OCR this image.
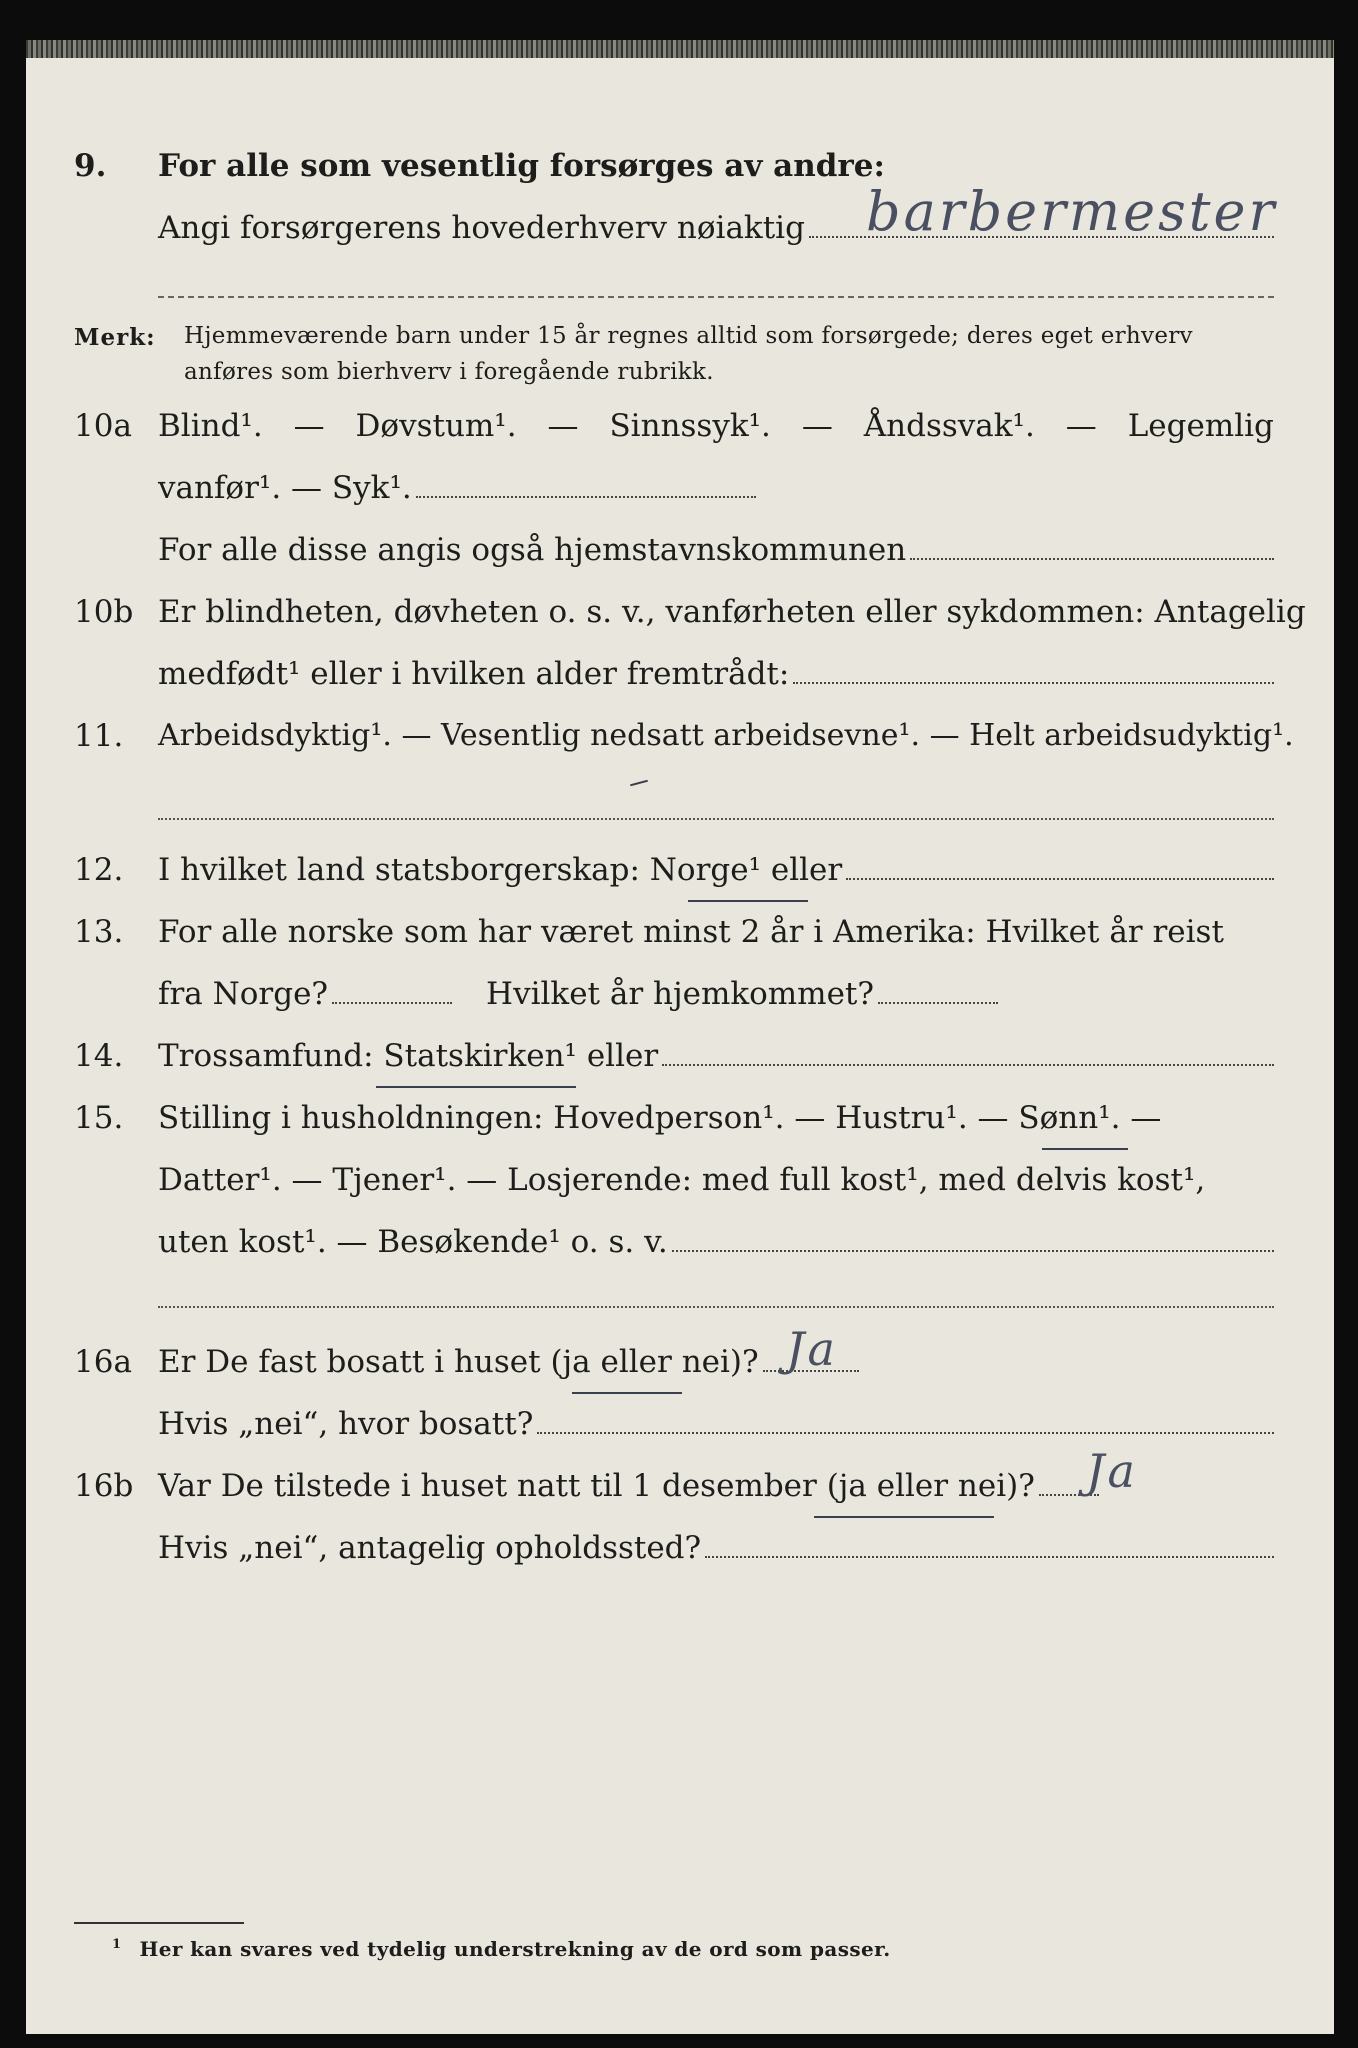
9.	For alle som vesentlig forsørges av andre:
Angi forsørgerens hovederhverv nøiaktig barbermester
Merk: Hjemmeværende barn under 15 år regnes alltid som forsørgede; deres eget erhverv anføres som bierhverv i foregående rubrikk.
10a Blind¹. — Døvstum¹. — Sinnssyk¹. — Åndssvak¹. — Legemlig
vanfør¹. — Syk¹.
For alle disse angis også hjemstavnskommunen
10b Er blindheten, døvheten o. s. v., vanførheten eller sykdommen: Antagelig
medfødt¹ eller i hvilken alder fremtrådt:
11.	Arbeidsdyktig¹. — Vesentlig nedsatt arbeidsevne¹. — Helt arbeidsudyktig¹.
12.	I hvilket land statsborgerskap: Norge¹ eller
13.	For alle norske som har været minst 2 år i Amerika: Hvilket år reist
fra Norge?	Hvilket år hjemkommet?
14.	Trossamfund: Statskirken¹ eller
15.	Stilling i husholdningen: Hovedperson¹. — Hustru¹. — Sønn¹. —
Datter¹. — Tjener¹. — Losjerende: med full kost¹, med delvis kost¹,
uten kost¹. — Besøkende¹ o. s. v.
16a Er De fast bosatt i huset (ja eller nei)? Ja
Hvis „nei“, hvor bosatt?
16b Var De tilstede i huset natt til 1 desember (ja eller nei)? Ja
Hvis „nei“, antagelig opholdssted?
$^1$ Her kan svares ved tydelig understrekning av de ord som passer.
